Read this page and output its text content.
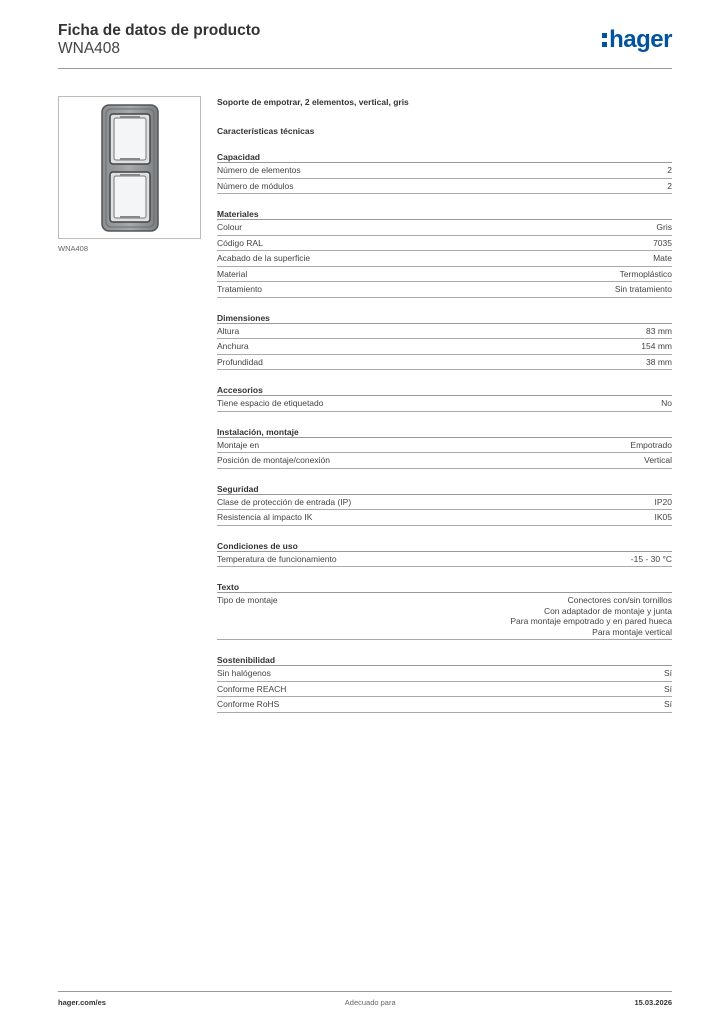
Ficha de datos de producto
WNA408	hager
WNA408
Soporte de empotrar, 2 elementos, vertical, gris
Características técnicas
Capacidad
Número de elementos	2
Número de módulos	2
Materiales
Colour	Gris
Código RAL	7035
Acabado de la superficie	Mate
Material	Termoplástico
Tratamiento	Sin tratamiento
Dimensiones
Altura	83 mm
Anchura	154 mm
Profundidad	38 mm
Accesorios
Tiene espacio de etiquetado	No
Instalación, montaje
Montaje en	Empotrado
Posición de montaje/conexión	Vertical
Seguridad
Clase de protección de entrada (IP)	IP20
Resistencia al impacto IK	IK05
Condiciones de uso
Temperatura de funcionamiento	-15 - 30 °C
Texto
Tipo de montaje	Conectores con/sin tornillos
Con adaptador de montaje y junta
Para montaje empotrado y en pared hueca
Para montaje vertical
Sostenibilidad
Sin halógenos	Sí
Conforme REACH	Sí
Conforme RoHS	Sí
hager.com/es	Adecuado para	15.03.2026
